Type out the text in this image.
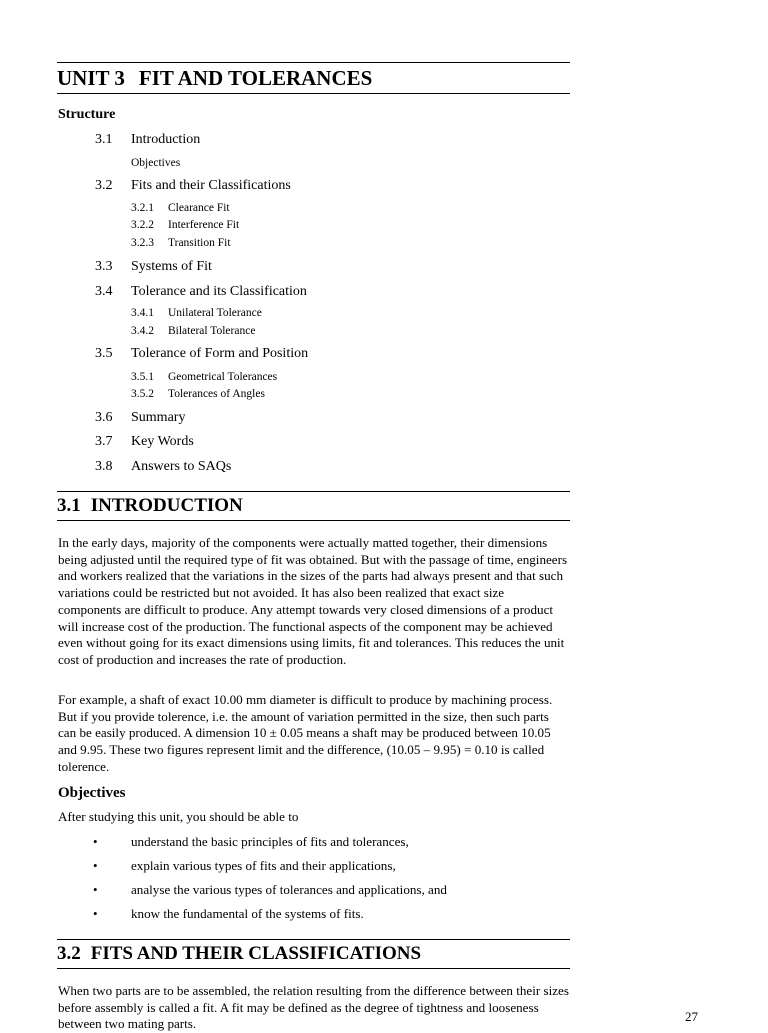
UNIT 3 FIT AND TOLERANCES
Structure
3.1 Introduction
Objectives
3.2 Fits and their Classifications
3.2.1 Clearance Fit
3.2.2 Interference Fit
3.2.3 Transition Fit
3.3 Systems of Fit
3.4 Tolerance and its Classification
3.4.1 Unilateral Tolerance
3.4.2 Bilateral Tolerance
3.5 Tolerance of Form and Position
3.5.1 Geometrical Tolerances
3.5.2 Tolerances of Angles
3.6 Summary
3.7 Key Words
3.8 Answers to SAQs
3.1 INTRODUCTION
In the early days, majority of the components were actually matted together, their dimensions being adjusted until the required type of fit was obtained. But with the passage of time, engineers and workers realized that the variations in the sizes of the parts had always present and that such variations could be restricted but not avoided. It has also been realized that exact size components are difficult to produce. Any attempt towards very closed dimensions of a product will increase cost of the production. The functional aspects of the component may be achieved even without going for its exact dimensions using limits, fit and tolerances. This reduces the unit cost of production and increases the rate of production.
For example, a shaft of exact 10.00 mm diameter is difficult to produce by machining process. But if you provide tolerence, i.e. the amount of variation permitted in the size, then such parts can be easily produced. A dimension 10 ± 0.05 means a shaft may be produced between 10.05 and 9.95. These two figures represent limit and the difference, (10.05 – 9.95) = 0.10 is called tolerence.
Objectives
After studying this unit, you should be able to
•	understand the basic principles of fits and tolerances,
•	explain various types of fits and their applications,
•	analyse the various types of tolerances and applications, and
•	know the fundamental of the systems of fits.
3.2 FITS AND THEIR CLASSIFICATIONS
When two parts are to be assembled, the relation resulting from the difference between their sizes before assembly is called a fit. A fit may be defined as the degree of tightness and looseness between two mating parts.	27
